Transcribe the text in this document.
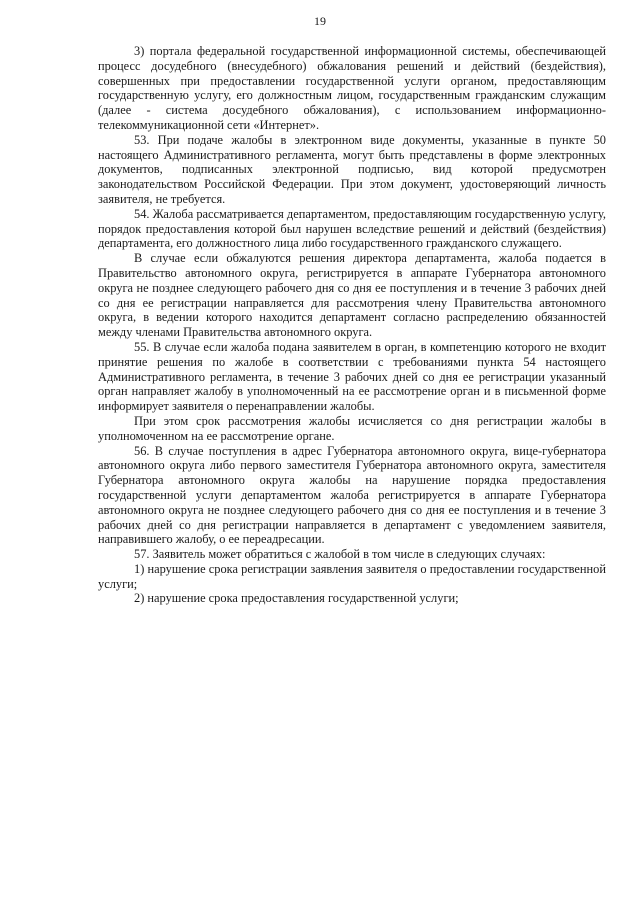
19

3) портала федеральной государственной информационной системы, обеспечивающей процесс досудебного (внесудебного) обжалования решений и действий (бездействия), совершенных при предоставлении государственной услуги органом, предоставляющим государственную услугу, его должностным лицом, государственным гражданским служащим (далее - система досудебного обжалования), с использованием информационно-телекоммуникационной сети «Интернет».

53. При подаче жалобы в электронном виде документы, указанные в пункте 50 настоящего Административного регламента, могут быть представлены в форме электронных документов, подписанных электронной подписью, вид которой предусмотрен законодательством Российской Федерации. При этом документ, удостоверяющий личность заявителя, не требуется.

54. Жалоба рассматривается департаментом, предоставляющим государственную услугу, порядок предоставления которой был нарушен вследствие решений и действий (бездействия) департамента, его должностного лица либо государственного гражданского служащего.

В случае если обжалуются решения директора департамента, жалоба подается в Правительство автономного округа, регистрируется в аппарате Губернатора автономного округа не позднее следующего рабочего дня со дня ее поступления и в течение 3 рабочих дней со дня ее регистрации направляется для рассмотрения члену Правительства автономного округа, в ведении которого находится департамент согласно распределению обязанностей между членами Правительства автономного округа.

55. В случае если жалоба подана заявителем в орган, в компетенцию которого не входит принятие решения по жалобе в соответствии с требованиями пункта 54 настоящего Административного регламента, в течение 3 рабочих дней со дня ее регистрации указанный орган направляет жалобу в уполномоченный на ее рассмотрение орган и в письменной форме информирует заявителя о перенаправлении жалобы.

При этом срок рассмотрения жалобы исчисляется со дня регистрации жалобы в уполномоченном на ее рассмотрение органе.

56. В случае поступления в адрес Губернатора автономного округа, вице-губернатора автономного округа либо первого заместителя Губернатора автономного округа, заместителя Губернатора автономного округа жалобы на нарушение порядка предоставления государственной услуги департаментом жалоба регистрируется в аппарате Губернатора автономного округа не позднее следующего рабочего дня со дня ее поступления и в течение 3 рабочих дней со дня регистрации направляется в департамент с уведомлением заявителя, направившего жалобу, о ее переадресации.

57. Заявитель может обратиться с жалобой в том числе в следующих случаях:

1) нарушение срока регистрации заявления заявителя о предоставлении государственной услуги;

2) нарушение срока предоставления государственной услуги;
